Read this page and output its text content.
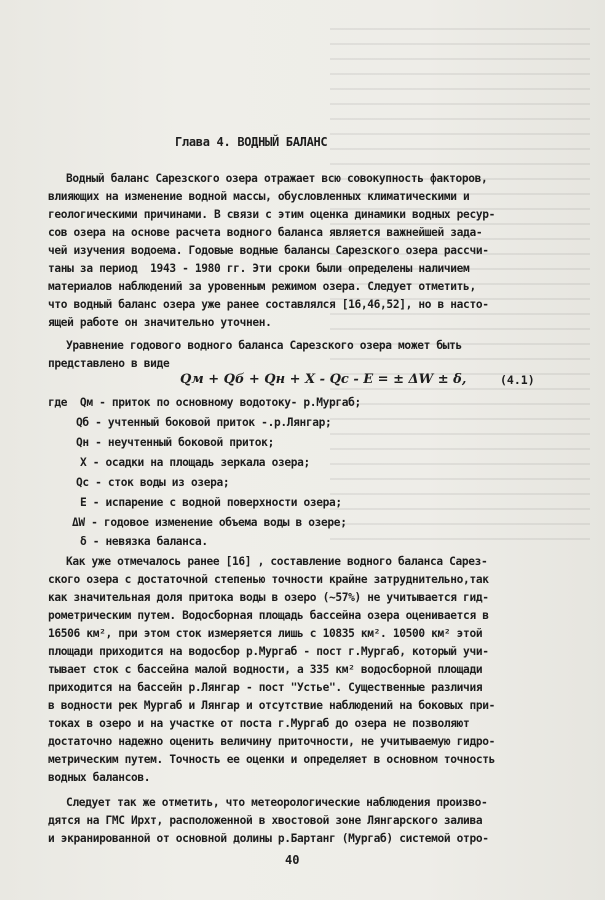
Глава 4. ВОДНЫЙ БАЛАНС
Водный баланс Сарезского озера отражает всю совокупность факторов,
влияющих на изменение водной массы, обусловленных климатическими и
геологическими причинами. В связи с этим оценка динамики водных ресур-
сов озера на основе расчета водного баланса является важнейшей зада-
чей изучения водоема. Годовые водные балансы Сарезского озера рассчи-
таны за период  1943 - 1980 гг. Эти сроки были определены наличием
материалов наблюдений за уровенным режимом озера. Следует отметить,
что водный баланс озера уже ранее составлялся [16,46,52], но в насто-
ящей работе он значительно уточнен.
Уравнение годового водного баланса Сарезского озера может быть
представлено в виде
Qм + Qб + Qн + X - Qс - E = ± ΔW ± δ,	(4.1)
где  Qм - приток по основному водотоку- р.Мургаб;
Qб - учтенный боковой приток -.р.Лянгар;
Qн - неучтенный боковой приток;
X - осадки на площадь зеркала озера;
Qс - сток воды из озера;
E - испарение с водной поверхности озера;
ΔW - годовое изменение объема воды в озере;
δ - невязка баланса.
Как уже отмечалось ранее [16] , составление водного баланса Сарез-
ского озера с достаточной степенью точности крайне затруднительно,так
как значительная доля притока воды в озеро (~57%) не учитывается гид-
рометрическим путем. Водосборная площадь бассейна озера оценивается в
16506 км², при этом сток измеряется лишь с 10835 км². 10500 км² этой
площади приходится на водосбор р.Мургаб - пост г.Мургаб, который учи-
тывает сток с бассейна малой водности, а 335 км² водосборной площади
приходится на бассейн р.Лянгар - пост "Устье". Существенные различия
в водности рек Мургаб и Лянгар и отсутствие наблюдений на боковых при-
токах в озеро и на участке от поста г.Мургаб до озера не позволяют
достаточно надежно оценить величину приточности, не учитываемую гидро-
метрическим путем. Точность ее оценки и определяет в основном точность
водных балансов.
Следует так же отметить, что метеорологические наблюдения произво-
дятся на ГМС Ирхт, расположенной в хвостовой зоне Лянгарского залива
и экранированной от основной долины р.Бартанг (Мургаб) системой отро-
40
